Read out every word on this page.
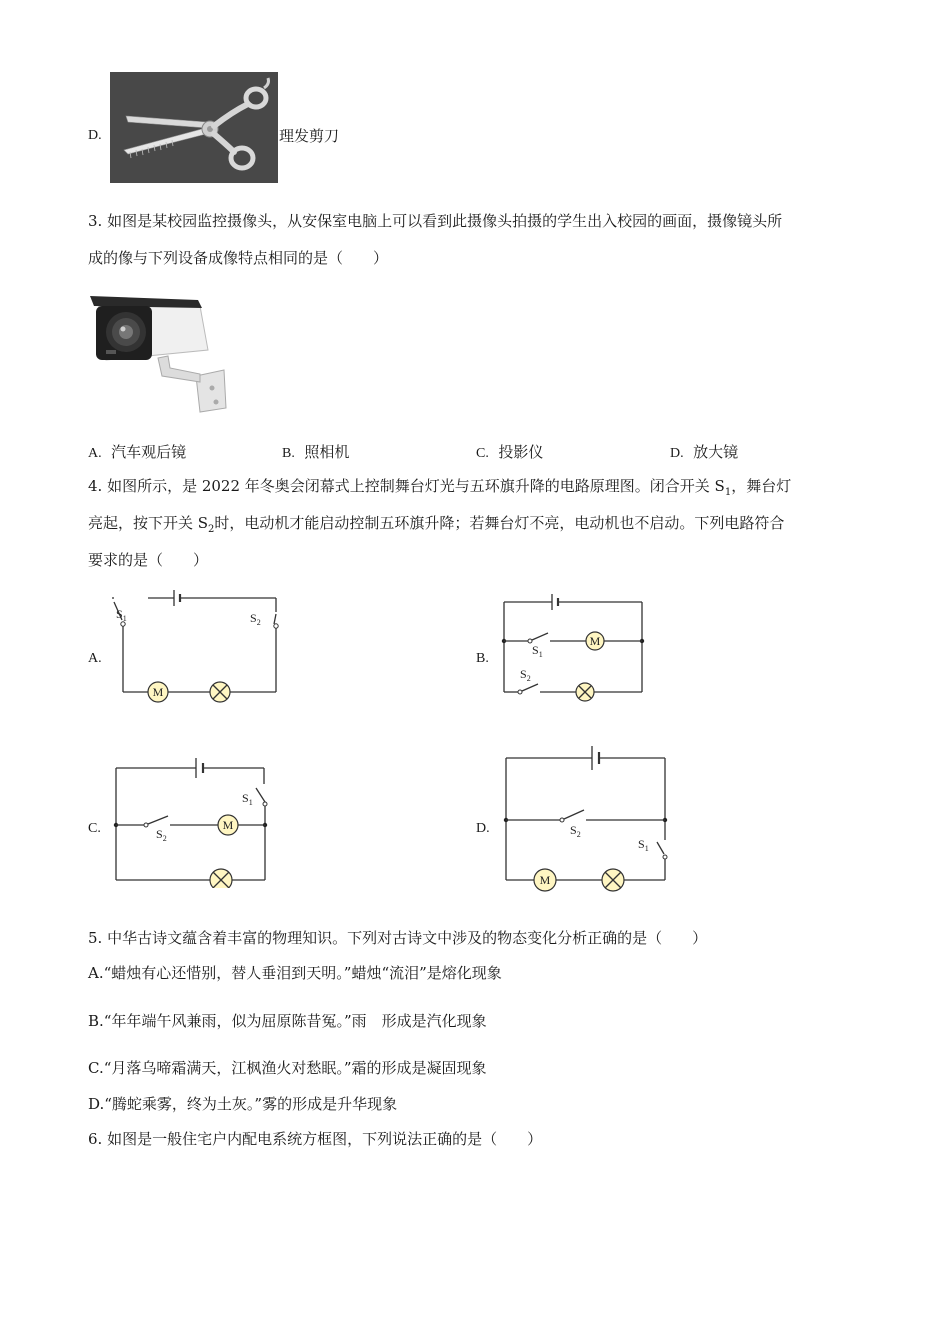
D.	理发剪刀
3. 如图是某校园监控摄像头，从安保室电脑上可以看到此摄像头拍摄的学生出入校园的画面，摄像镜头所
成的像与下列设备成像特点相同的是（　　）
A. 汽车观后镜	B. 照相机	C. 投影仪	D. 放大镜
4. 如图所示，是 2022 年冬奥会闭幕式上控制舞台灯光与五环旗升降的电路原理图。闭合开关 $S_1$，舞台灯
亮起，按下开关 $S_2$时，电动机才能启动控制五环旗升降；若舞台灯不亮，电动机也不启动。下列电路符合
要求的是（　　）
A.	B.
C.	D.
M
$S_1$	$S_2$
M
$S_1$
$S_2$
$S_1$
M
$S_2$
$S_2$
$S_1$
M
5. 中华古诗文蕴含着丰富的物理知识。下列对古诗文中涉及的物态变化分析正确的是（　　）
A.“蜡烛有心还惜别，替人垂泪到天明。”蜡烛“流泪”是熔化现象
B.“年年端午风兼雨，似为屈原陈昔冤。”雨　形成是汽化现象
C.“月落乌啼霜满天，江枫渔火对愁眠。”霜的形成是凝固现象
D.“腾蛇乘雾，终为土灰。”雾的形成是升华现象
6. 如图是一般住宅户内配电系统方框图，下列说法正确的是（　　）
